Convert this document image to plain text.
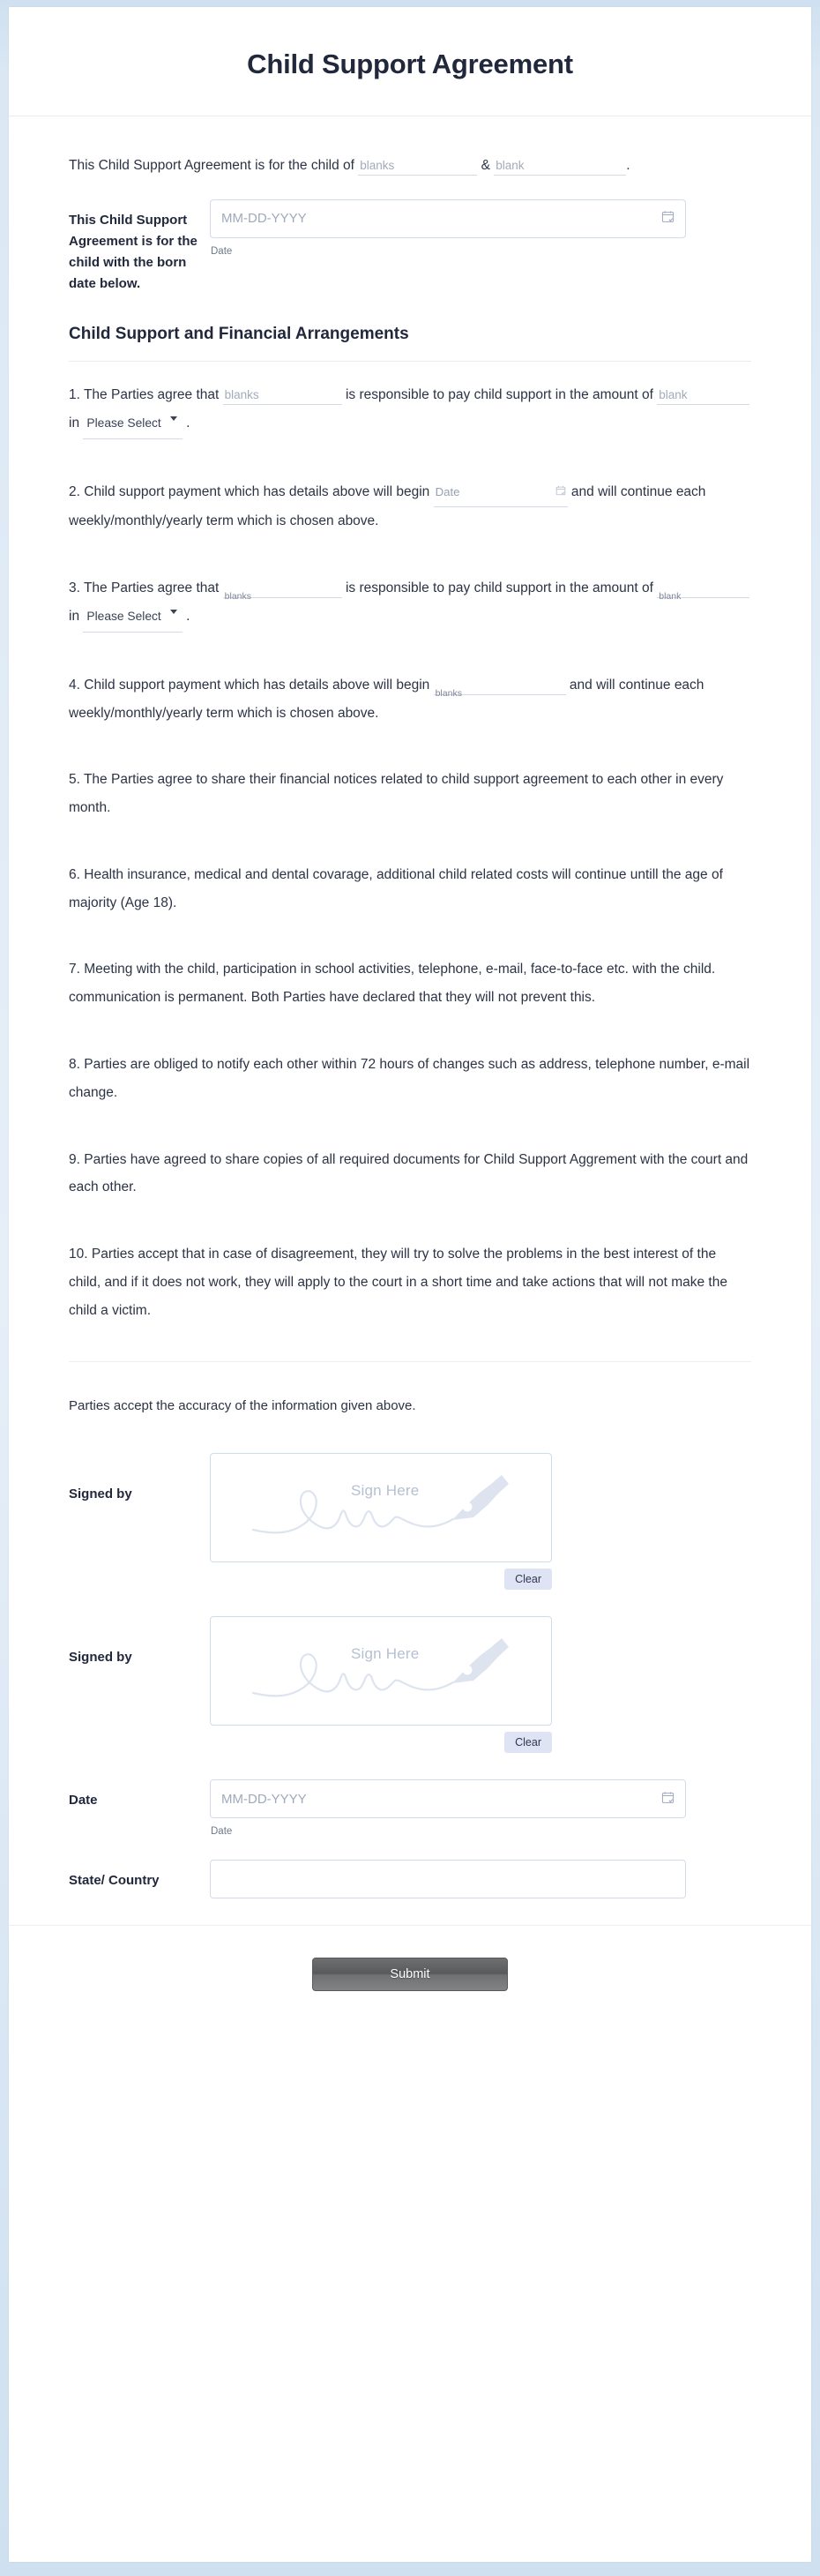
Child Support Agreement

This Child Support Agreement is for the child of blanks	& blank	.

This Child Support Agreement is for the child with the born date below.
MM-DD-YYYY
Date
Child Support and Financial Arrangements

1. The Parties agree that blanks	is responsible to pay child support in the amount of blank in Please Select .

2. Child support payment which has details above will begin Date	and will continue each weekly/monthly/yearly term which is chosen above.

3. The Parties agree that
blanks
is responsible to pay child support in the amount of
blank
in Please Select .

4. Child support payment which has details above will begin
blanks
and will continue each weekly/monthly/yearly term which is chosen above.

5. The Parties agree to share their financial notices related to child support agreement to each other in every month.

6. Health insurance, medical and dental covarage, additional child related costs will continue untill the age of majority (Age 18).

7. Meeting with the child, participation in school activities, telephone, e-mail, face-to-face etc. with the child. communication is permanent. Both Parties have declared that they will not prevent this.

8. Parties are obliged to notify each other within 72 hours of changes such as address, telephone number, e-mail change.

9. Parties have agreed to share copies of all required documents for Child Support Aggrement with the court and each other.

10. Parties accept that in case of disagreement, they will try to solve the problems in the best interest of the child, and if it does not work, they will apply to the court in a short time and take actions that will not make the child a victim.

Parties accept the accuracy of the information given above.

Signed by	Sign Here
Clear
Signed by	Sign Here
Clear
Date	MM-DD-YYYY
Date
State/ Country
Submit
